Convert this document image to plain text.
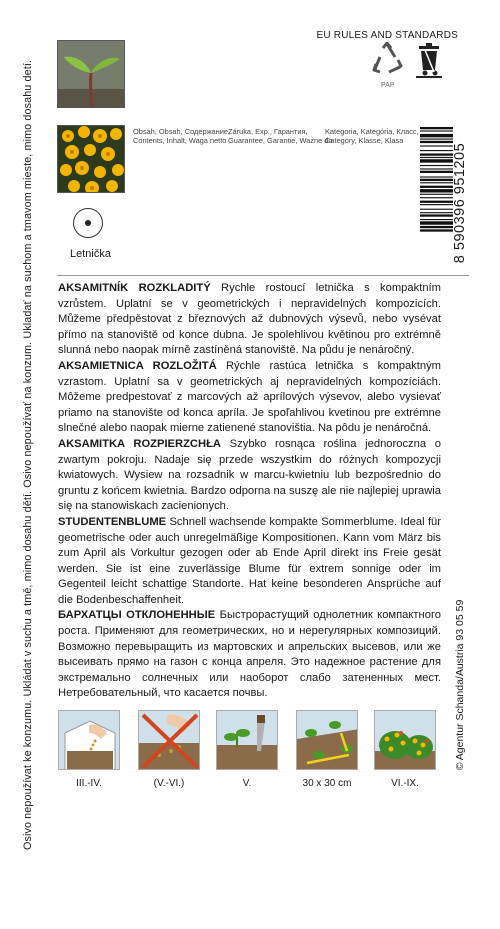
Osivo nepoužívat ke konzumu. Ukládat v suchu a tmě, mimo dosahu dětí. Osivo nepoužívať na konzum. Ukladať na suchom a tmavom mieste, mimo dosahu detí.	Letnička
Obsah, Obsah, Содержание,
Contents, Inhalt, Waga netto
Záruka, Exp., Гарантия,
Guarantee, Garantie, Ważne do
Kategoria, Kategória, Класс,
Category, Klasse, Klasa
EU RULES AND STANDARDS
PAP
8 590396 951205

AKSAMITNÍK ROZKLADITÝ Rychle rostoucí letnička s kompaktním vzrůstem. Uplatní se v geometrických i nepravidelných kompozicích. Můžeme předpěstovat z březnových až dubnových výsevů, nebo vysévat přímo na stanoviště od konce dubna. Je spolehlivou květinou pro extrémně slunná nebo naopak mírně zastíněná stanoviště. Na půdu je nenáročný.

AKSAMIETNICA ROZLOŽITÁ Rýchle rastúca letnička s kompaktným vzrastom. Uplatní sa v geometrických aj nepravidelných kompozíciách. Môžeme predpestovať z marcových až aprílových výsevov, alebo vysievať priamo na stanovište od konca apríla. Je spoľahlivou kvetinou pre extrémne slnečné alebo naopak mierne zatienené stanovištia. Na pôdu je nenáročná.

AKSAMITKA ROZPIERZCHŁA Szybko rosnąca roślina jednoroczna o zwartym pokroju. Nadaje się przede wszystkim do różnych kompozycji kwiatowych. Wysiew na rozsadnik w marcu-kwietniu lub bezpośrednio do gruntu z końcem kwietnia. Bardzo odporna na suszę ale nie najlepiej uprawia się na stanowiskach zacienionych.

STUDENTENBLUME Schnell wachsende kompakte Sommerblume. Ideal für geometrische oder auch unregelmäßige Kompositionen. Kann vom März bis zum April als Vorkultur gezogen oder ab Ende April direkt ins Freie gesät werden. Sie ist eine zuverlässige Blume für extrem sonnige oder im Gegenteil leicht schattige Standorte. Hat keine besonderen Ansprüche auf die Bodenbeschaffenheit.

БАРХАТЦЫ ОТКЛОНЕННЫЕ Быстрорастущий однолетник компактного роста. Применяют для геометрических, но и нерегулярных композиций. Возможно перевыращить из мартовских и апрельских высевов, или же высеивать прямо на газон с конца апреля. Это надежное растение для экстремально солнечных или наоборот слабо затененных мест. Нетребовательный, что касается почвы.	© Agentur Schanda/Austria 93 05 59
III.-IV.	(V.-VI.)	V.	30 x 30 cm	VI.-IX.
